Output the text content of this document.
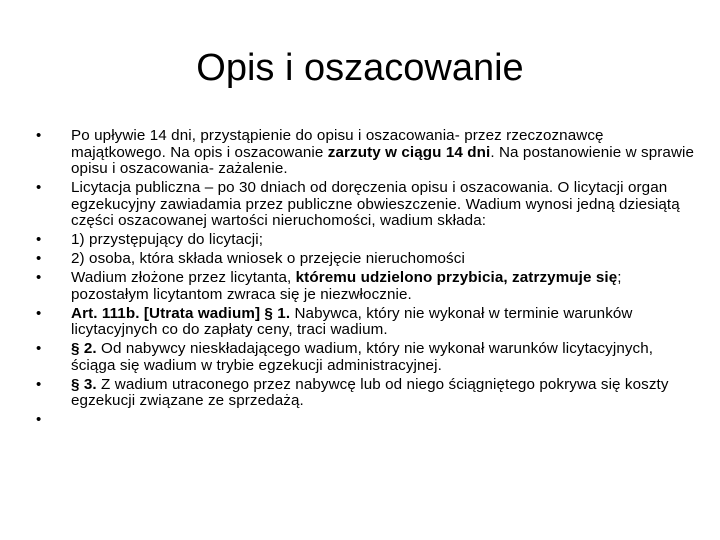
Opis i oszacowanie
•	Po upływie 14 dni, przystąpienie do opisu i oszacowania- przez rzeczoznawcę majątkowego. Na opis i oszacowanie zarzuty w ciągu 14 dni. Na postanowienie w sprawie opisu i oszacowania- zażalenie.
•	Licytacja publiczna – po 30 dniach od doręczenia opisu i oszacowania. O licytacji organ egzekucyjny zawiadamia przez publiczne obwieszczenie. Wadium wynosi jedną dziesiątą części oszacowanej wartości nieruchomości, wadium składa:
•	1) przystępujący do licytacji;
•	2) osoba, która składa wniosek o przejęcie nieruchomości
•	Wadium złożone przez licytanta, któremu udzielono przybicia, zatrzymuje się; pozostałym licytantom zwraca się je niezwłocznie.
•	Art. 111b. [Utrata wadium] § 1. Nabywca, który nie wykonał w terminie warunków licytacyjnych co do zapłaty ceny, traci wadium.
•	§ 2. Od nabywcy nieskładającego wadium, który nie wykonał warunków licytacyjnych, ściąga się wadium w trybie egzekucji administracyjnej.
•	§ 3. Z wadium utraconego przez nabywcę lub od niego ściągniętego pokrywa się koszty egzekucji związane ze sprzedażą.
•
